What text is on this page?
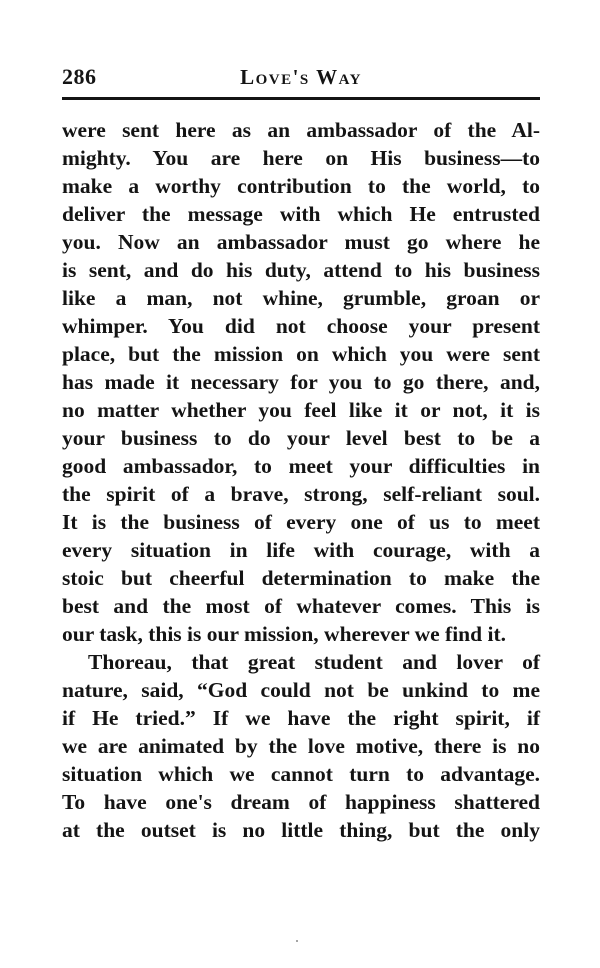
286	Love's Way
were sent here as an ambassador of the Al-
mighty. You are here on His business—to
make a worthy contribution to the world, to
deliver the message with which He entrusted
you. Now an ambassador must go where he
is sent, and do his duty, attend to his business
like a man, not whine, grumble, groan or
whimper. You did not choose your present
place, but the mission on which you were sent
has made it necessary for you to go there, and,
no matter whether you feel like it or not, it is
your business to do your level best to be a
good ambassador, to meet your difficulties in
the spirit of a brave, strong, self-reliant soul.
It is the business of every one of us to meet
every situation in life with courage, with a
stoic but cheerful determination to make the
best and the most of whatever comes. This is
our task, this is our mission, wherever we find it.
Thoreau, that great student and lover of
nature, said, “God could not be unkind to me
if He tried.” If we have the right spirit, if
we are animated by the love motive, there is no
situation which we cannot turn to advantage.
To have one's dream of happiness shattered
at the outset is no little thing, but the only
